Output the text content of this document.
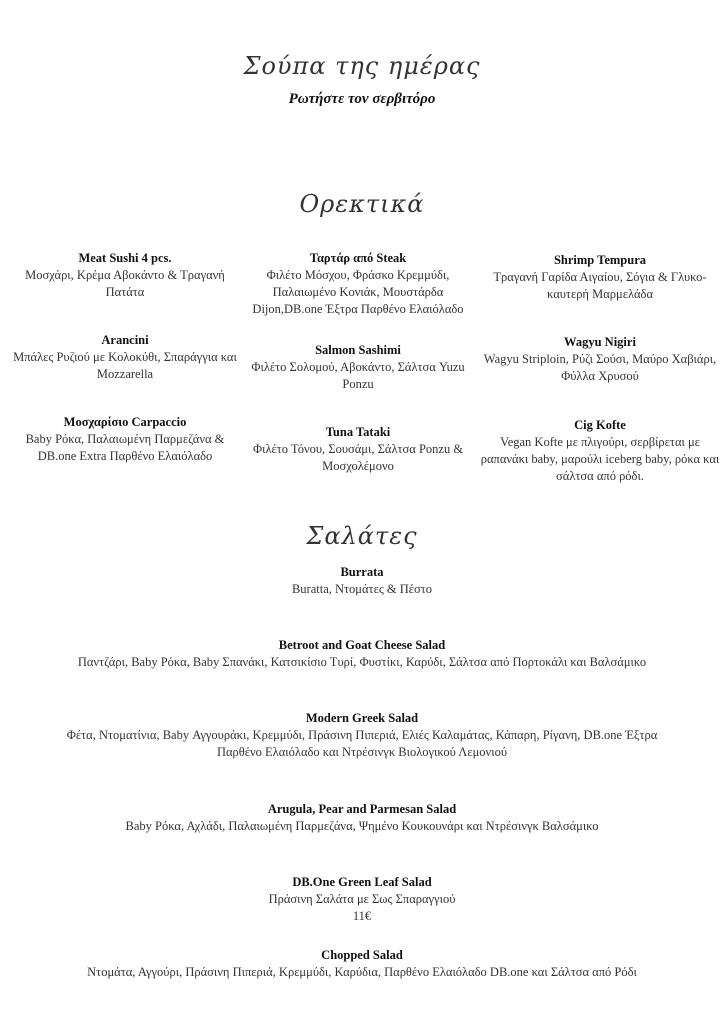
Σούπα της ημέρας
Ρωτήστε τον σερβιτόρο
Ορεκτικά
Meat Sushi 4 pcs.
Μοσχάρι, Κρέμα Αβοκάντο & Τραγανή Πατάτα
Arancini
Μπάλες Ρυζιού με Κολοκύθι, Σπαράγγια και Mozzarella
Μοσχαρίσιο Carpaccio
Baby Ρόκα, Παλαιωμένη Παρμεζάνα & DB.one Extra Παρθένο Ελαιόλαδο
Ταρτάρ από Steak
Φιλέτο Μόσχου, Φράσκο Κρεμμύδι, Παλαιωμένο Κονιάκ, Μουστάρδα Dijon,DB.one Έξτρα Παρθένο Ελαιόλαδο
Salmon Sashimi
Φιλέτο Σολομού, Αβοκάντο, Σάλτσα Yuzu Ponzu
Tuna Tataki
Φιλέτο Τόνου, Σουσάμι, Σάλτσα Ponzu & Μοσχολέμονο
Shrimp Tempura
Τραγανή Γαρίδα Αιγαίου, Σόγια & Γλυκο-καυτερή Μαρμελάδα
Wagyu Nigiri
Wagyu Striploin, Ρύζι Σούσι, Μαύρο Χαβιάρι, Φύλλα Χρυσού
Cig Kofte
Vegan Kofte με πλιγούρι, σερβίρεται με ραπανάκι baby, μαρούλι iceberg baby, ρόκα και σάλτσα από ρόδι.
Σαλάτες
Burrata
Buratta, Ντομάτες & Πέστο
Betroot and Goat Cheese Salad
Παντζάρι, Baby Ρόκα, Baby Σπανάκι, Κατσικίσιο Τυρί, Φυστίκι, Καρύδι, Σάλτσα από Πορτοκάλι και Βαλσάμικο
Modern Greek Salad
Φέτα, Ντοματίνια, Baby Αγγουράκι, Κρεμμύδι, Πράσινη Πιπεριά, Ελιές Καλαμάτας, Κάπαρη, Ρίγανη, DB.one Έξτρα Παρθένο Ελαιόλαδο και Ντρέσινγκ Βιολογικού Λεμονιού
Arugula, Pear and Parmesan Salad
Baby Ρόκα, Αχλάδι, Παλαιωμένη Παρμεζάνα, Ψημένο Κουκουνάρι και Ντρέσινγκ Βαλσάμικο
DB.One Green Leaf Salad
Πράσινη Σαλάτα με Σως Σπαραγγιού
11€
Chopped Salad
Ντομάτα, Αγγούρι, Πράσινη Πιπεριά, Κρεμμύδι, Καρύδια, Παρθένο Ελαιόλαδο DB.one και Σάλτσα από Ρόδι
